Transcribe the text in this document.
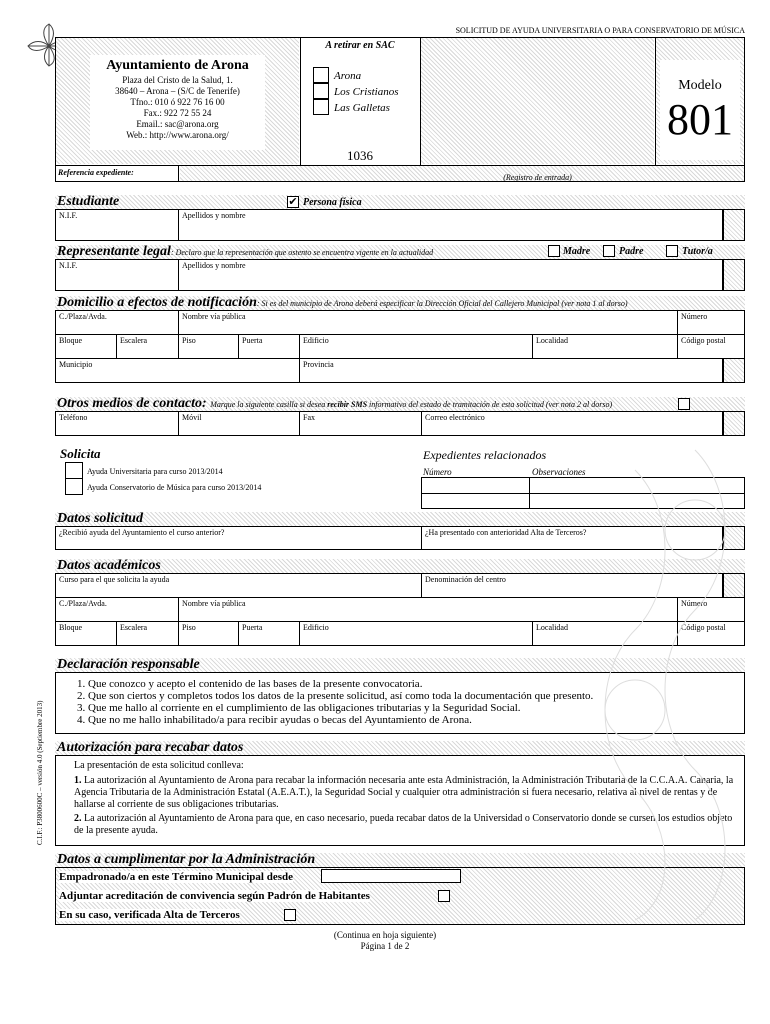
SOLICITUD DE AYUDA UNIVERSITARIA O PARA CONSERVATORIO DE MÚSICA
Ayuntamiento de Arona
Plaza del Cristo de la Salud, 1.
38640 – Arona – (S/C de Tenerife)
Tfno.: 010 ó 922 76 16 00
Fax.: 922 72 55 24
Email.: sac@arona.org
Web.: http://www.arona.org/
A retirar en SAC
Arona
Los Cristianos
Las Galletas
1036
Modelo
801
Referencia expediente:
(Registro de entrada)
Estudiante	✔ Persona física
N.I.F.	Apellidos y nombre
Representante legal: Declaro que la representación que ostento se encuentra vigente en la actualidad	Madre	Padre	Tutor/a
N.I.F.	Apellidos y nombre
Domicilio a efectos de notificación: Si es del municipio de Arona deberá especificar la Dirección Oficial del Callejero Municipal (ver nota 1 al dorso)
C./Plaza/Avda.	Nombre vía pública	Número
Bloque	Escalera	Piso	Puerta	Edificio	Localidad	Código postal
Municipio	Provincia
Otros medios de contacto: Marque la siguiente casilla si desea recibir SMS informativo del estado de tramitación de esta solicitud (ver nota 2 al dorso)
Teléfono	Móvil	Fax	Correo electrónico
Solicita
Ayuda Universitaria para curso 2013/2014
Ayuda Conservatorio de Música para curso 2013/2014
Expedientes relacionados
Número	Observaciones
Datos solicitud
¿Recibió ayuda del Ayuntamiento el curso anterior?	¿Ha presentado con anterioridad Alta de Terceros?
Datos académicos
Curso para el que solicita la ayuda	Denominación del centro
C./Plaza/Avda.	Nombre vía pública	Número
Bloque	Escalera	Piso	Puerta	Edificio	Localidad	Código postal
Declaración responsable
1. Que conozco y acepto el contenido de las bases de la presente convocatoria.
2. Que son ciertos y completos todos los datos de la presente solicitud, así como toda la documentación que presento.
3. Que me hallo al corriente en el cumplimiento de las obligaciones tributarias y la Seguridad Social.
4. Que no me hallo inhabilitado/a para recibir ayudas o becas del Ayuntamiento de Arona.
Autorización para recabar datos
La presentación de esta solicitud conlleva:
1. La autorización al Ayuntamiento de Arona para recabar la información necesaria ante esta Administración, la Administración Tributaria de la C.C.A.A. Canaria, la Agencia Tributaria de la Administración Estatal (A.E.A.T.), la Seguridad Social y cualquier otra administración si fuera necesario, relativa al nivel de rentas y de hallarse al corriente de sus obligaciones tributarias.
2. La autorización al Ayuntamiento de Arona para que, en caso necesario, pueda recabar datos de la Universidad o Conservatorio donde se cursen los estudios objeto de la presente ayuda.
Datos a cumplimentar por la Administración
Empadronado/a en este Término Municipal desde
Adjuntar acreditación de convivencia según Padrón de Habitantes
En su caso, verificada Alta de Terceros
(Continua en hoja siguiente)
Página 1 de 2
C.I.F.: P3800600C – versión 4.0 (Septiembre 2013)
